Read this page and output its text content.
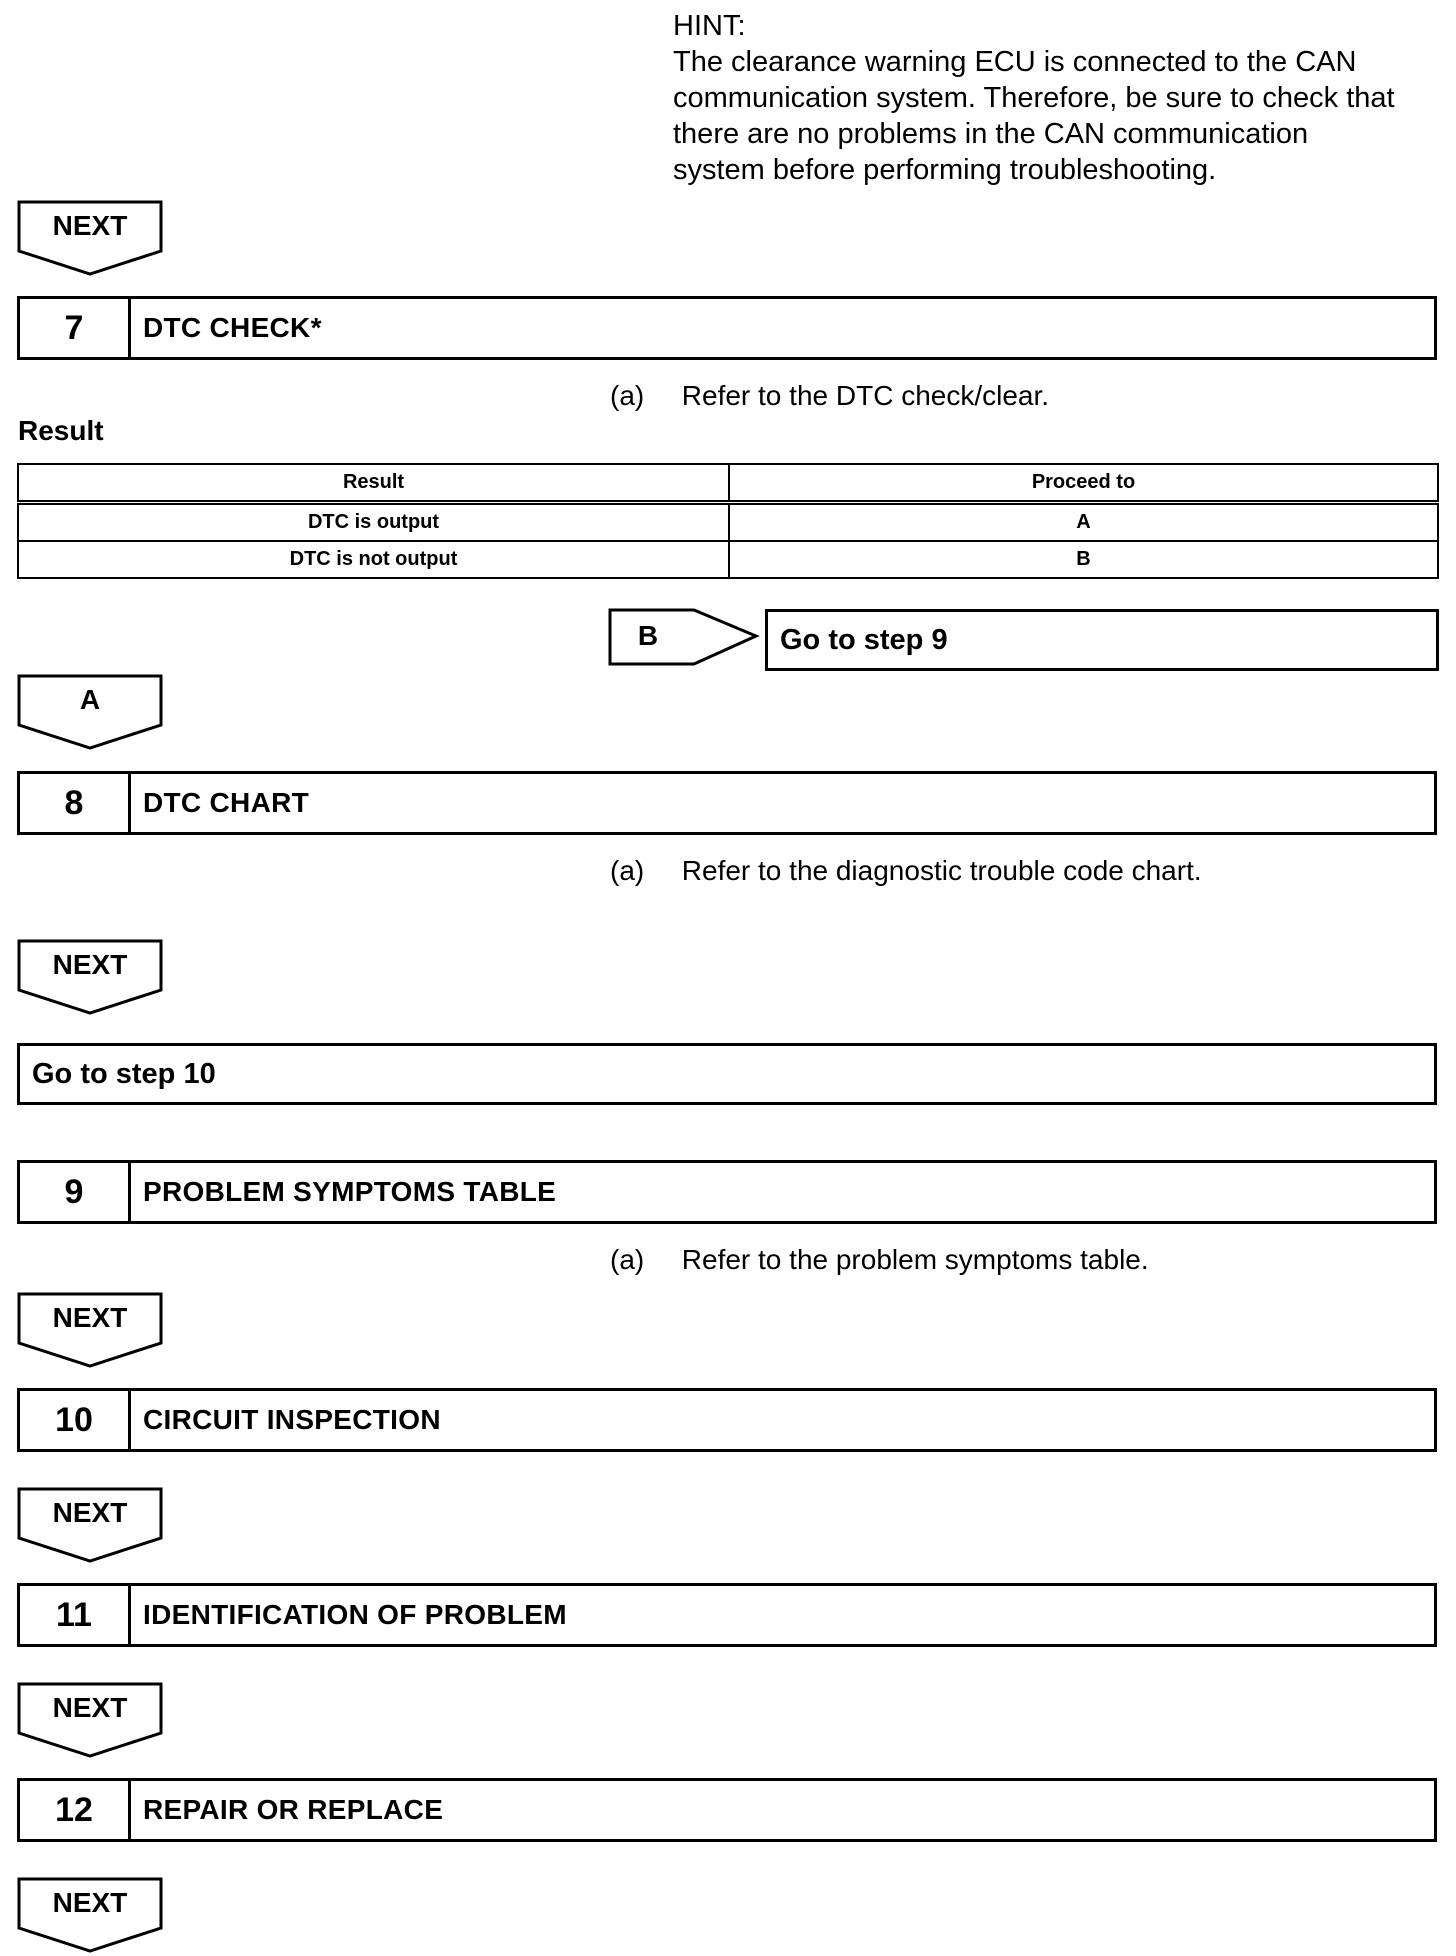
HINT:
The clearance warning ECU is connected to the CAN
communication system. Therefore, be sure to check that
there are no problems in the CAN communication
system before performing troubleshooting.
NEXT
7	DTC CHECK*
(a) Refer to the DTC check/clear.
Result
Result	Proceed to
DTC is output	A
DTC is not output	B
B	Go to step 9
A
8	DTC CHART
(a) Refer to the diagnostic trouble code chart.
NEXT
Go to step 10
9	PROBLEM SYMPTOMS TABLE
(a) Refer to the problem symptoms table.
NEXT
10	CIRCUIT INSPECTION
NEXT
11	IDENTIFICATION OF PROBLEM
NEXT
12	REPAIR OR REPLACE
NEXT
